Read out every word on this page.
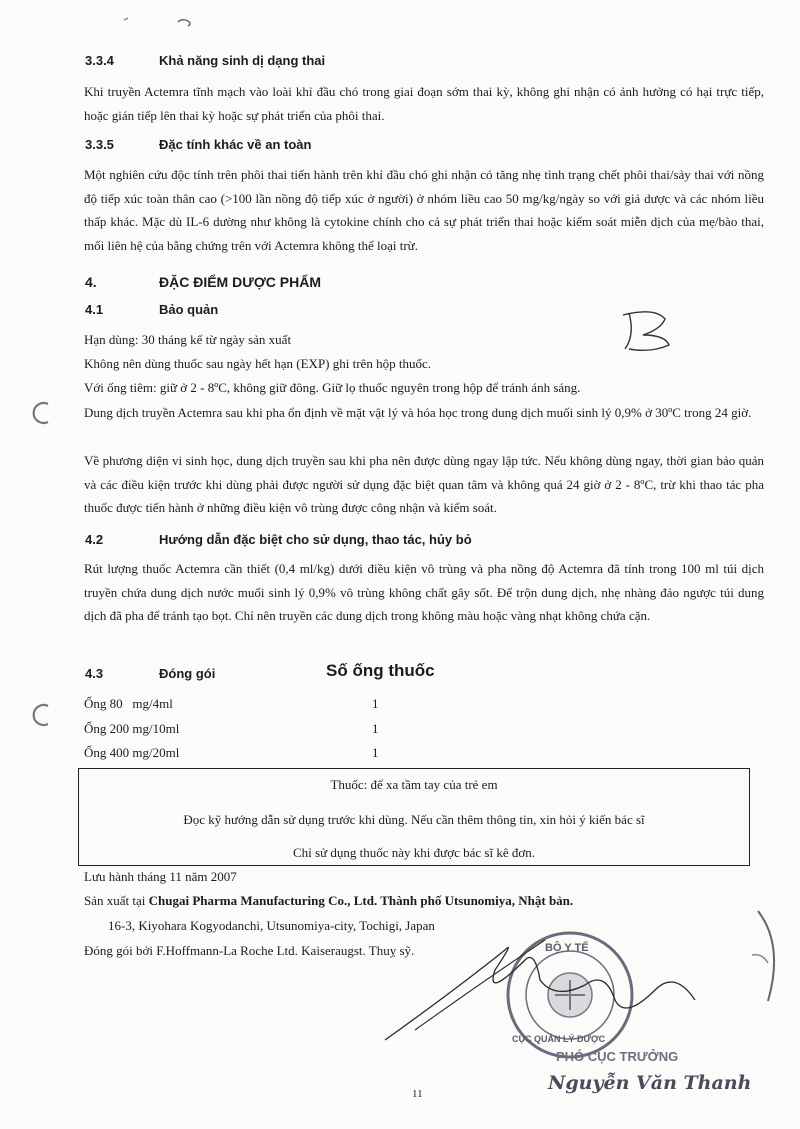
3.3.4	Khả năng sinh dị dạng thai
Khi truyền Actemra tĩnh mạch vào loài khỉ đầu chó trong giai đoạn sớm thai kỳ, không ghi nhận có ảnh hưởng có hại trực tiếp, hoặc gián tiếp lên thai kỳ hoặc sự phát triển của phôi thai.
3.3.5	Đặc tính khác về an toàn
Một nghiên cứu độc tính trên phôi thai tiến hành trên khỉ đầu chó ghi nhận có tăng nhẹ tình trạng chết phôi thai/sảy thai với nồng độ tiếp xúc toàn thân cao (>100 lần nồng độ tiếp xúc ở người) ở nhóm liều cao 50 mg/kg/ngày so với giả dược và các nhóm liều thấp khác. Mặc dù IL-6 dường như không là cytokine chính cho cả sự phát triển thai hoặc kiểm soát miễn dịch của mẹ/bào thai, mối liên hệ của bằng chứng trên với Actemra không thể loại trừ.
4.	ĐẶC ĐIỂM DƯỢC PHẨM
4.1	Bảo quản
Hạn dùng: 30 tháng kể từ ngày sản xuất
Không nên dùng thuốc sau ngày hết hạn (EXP) ghi trên hộp thuốc.
Với ống tiêm: giữ ở 2 - 8ºC, không giữ đông. Giữ lọ thuốc nguyên trong hộp để tránh ánh sáng.
Dung dịch truyền Actemra sau khi pha ổn định về mặt vật lý và hóa học trong dung dịch muối sinh lý 0,9% ở 30ºC trong 24 giờ.
Về phương diện vi sinh học, dung dịch truyền sau khi pha nên được dùng ngay lập tức. Nếu không dùng ngay, thời gian bảo quản và các điều kiện trước khi dùng phải được người sử dụng đặc biệt quan tâm và không quá 24 giờ ở 2 - 8ºC, trừ khi thao tác pha thuốc được tiến hành ở những điều kiện vô trùng được công nhận và kiểm soát.
4.2	Hướng dẫn đặc biệt cho sử dụng, thao tác, hủy bỏ
Rút lượng thuốc Actemra cần thiết (0,4 ml/kg) dưới điều kiện vô trùng và pha nồng độ Actemra đã tính trong 100 ml túi dịch truyền chứa dung dịch nước muối sinh lý 0,9% vô trùng không chất gây sốt. Để trộn dung dịch, nhẹ nhàng đảo ngược túi dung dịch đã pha để tránh tạo bọt. Chỉ nên truyền các dung dịch trong không màu hoặc vàng nhạt không chứa cặn.
4.3	Đóng gói	Số ống thuốc
Ống 80   mg/4ml	1
Ống 200 mg/10ml	1
Ống 400 mg/20ml	1
Thuốc: để xa tầm tay của trẻ em
Đọc kỹ hướng dẫn sử dụng trước khi dùng. Nếu cần thêm thông tin, xin hỏi ý kiến bác sĩ
Chỉ sử dụng thuốc này khi được bác sĩ kê đơn.
Lưu hành tháng 11 năm 2007
Sản xuất tại Chugai Pharma Manufacturing Co., Ltd. Thành phố Utsunomiya, Nhật bản.
16-3, Kiyohara Kogyodanchi, Utsunomiya-city, Tochigi, Japan
Đóng gói bởi F.Hoffmann-La Roche Ltd. Kaiseraugst. Thuỵ sỹ.	BỘ Y TẾ
CỤC QUẢN LÝ DƯỢC
PHÓ CỤC TRƯỞNG
Nguyễn Văn Thanh
11
